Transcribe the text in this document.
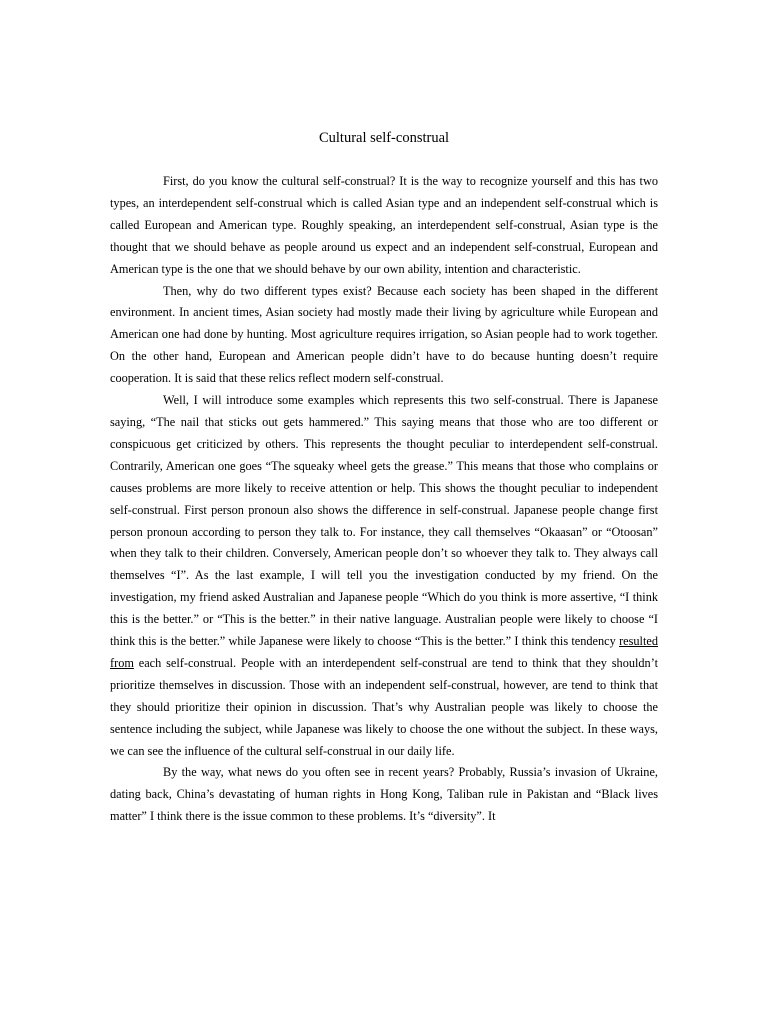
Cultural self-construal

First, do you know the cultural self-construal? It is the way to recognize yourself and this has two types, an interdependent self-construal which is called Asian type and an independent self-construal which is called European and American type. Roughly speaking, an interdependent self-construal, Asian type is the thought that we should behave as people around us expect and an independent self-construal, European and American type is the one that we should behave by our own ability, intention and characteristic.

Then, why do two different types exist? Because each society has been shaped in the different environment. In ancient times, Asian society had mostly made their living by agriculture while European and American one had done by hunting. Most agriculture requires irrigation, so Asian people had to work together. On the other hand, European and American people didn’t have to do because hunting doesn’t require cooperation. It is said that these relics reflect modern self-construal.

Well, I will introduce some examples which represents this two self-construal. There is Japanese saying, “The nail that sticks out gets hammered.” This saying means that those who are too different or conspicuous get criticized by others. This represents the thought peculiar to interdependent self-construal. Contrarily, American one goes “The squeaky wheel gets the grease.” This means that those who complains or causes problems are more likely to receive attention or help. This shows the thought peculiar to independent self-construal. First person pronoun also shows the difference in self-construal. Japanese people change first person pronoun according to person they talk to. For instance, they call themselves “Okaasan” or “Otoosan” when they talk to their children. Conversely, American people don’t so whoever they talk to. They always call themselves “I”. As the last example, I will tell you the investigation conducted by my friend. On the investigation, my friend asked Australian and Japanese people “Which do you think is more assertive, “I think this is the better.” or “This is the better.” in their native language. Australian people were likely to choose “I think this is the better.” while Japanese were likely to choose “This is the better.” I think this tendency resulted from each self-construal. People with an interdependent self-construal are tend to think that they shouldn’t prioritize themselves in discussion. Those with an independent self-construal, however, are tend to think that they should prioritize their opinion in discussion. That’s why Australian people was likely to choose the sentence including the subject, while Japanese was likely to choose the one without the subject. In these ways, we can see the influence of the cultural self-construal in our daily life.

By the way, what news do you often see in recent years? Probably, Russia’s invasion of Ukraine, dating back, China’s devastating of human rights in Hong Kong, Taliban rule in Pakistan and “Black lives matter” I think there is the issue common to these problems. It’s “diversity”. It
